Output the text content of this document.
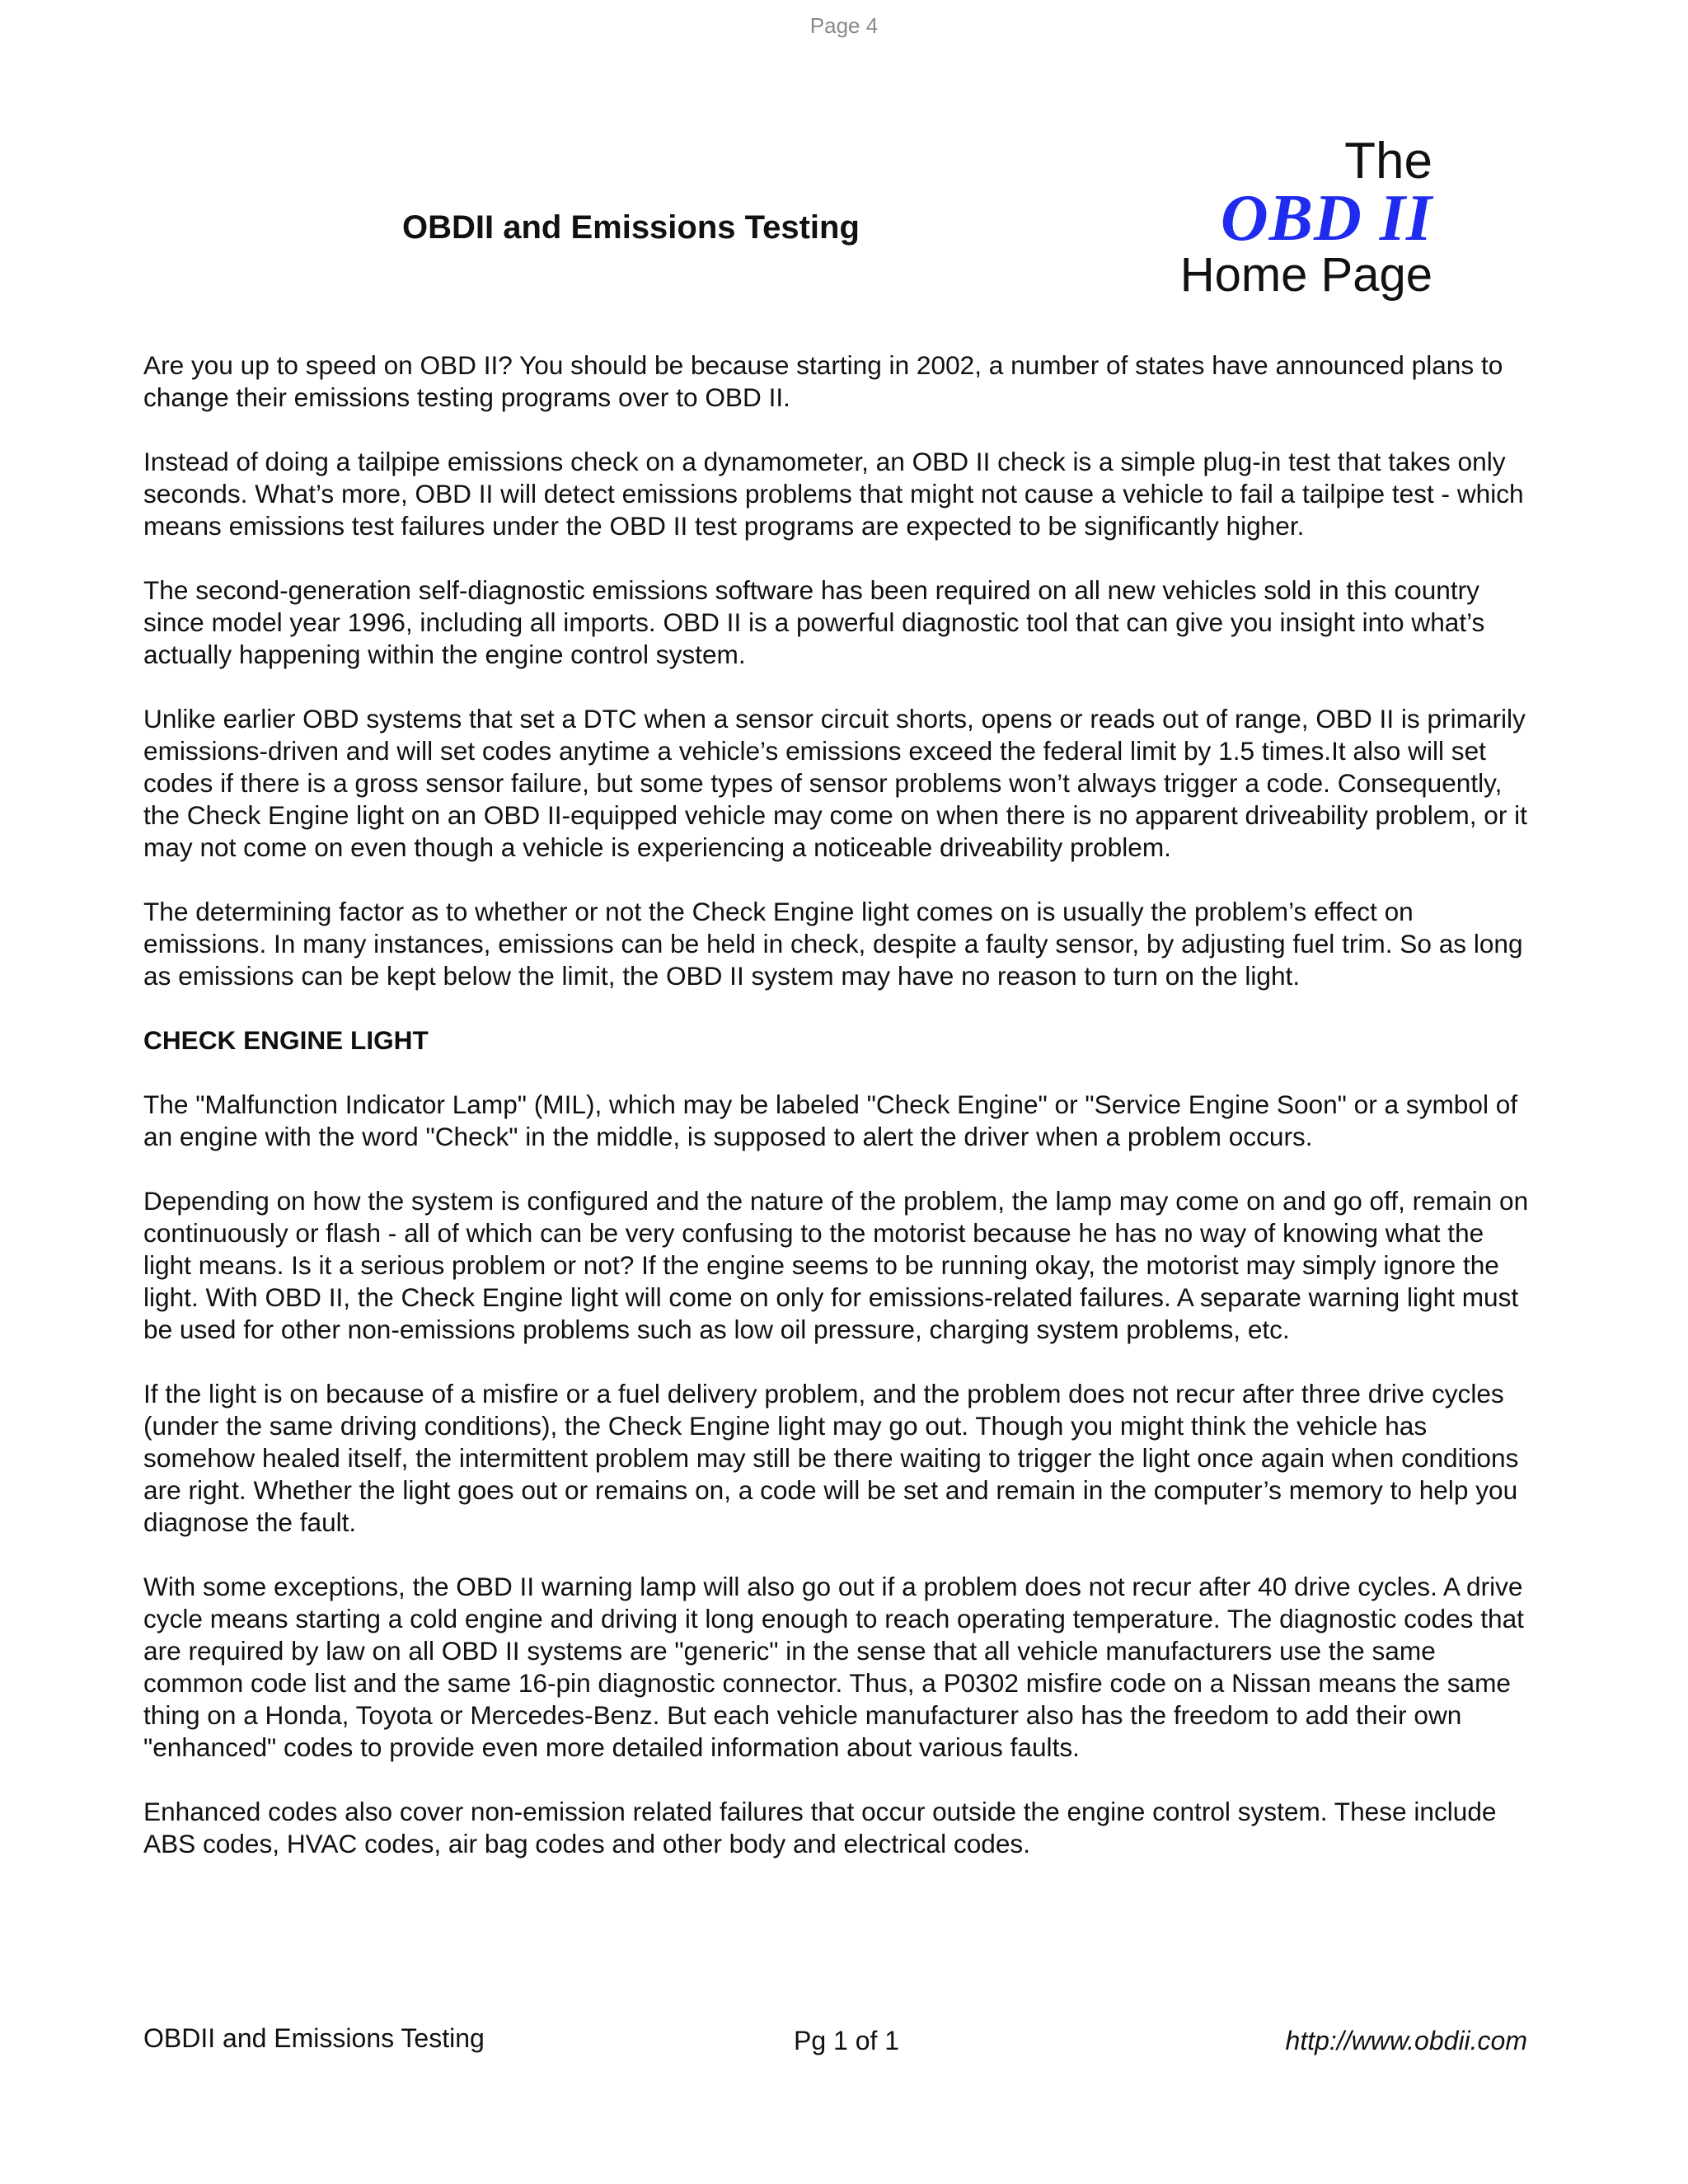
Page 4
OBDII and Emissions Testing
The
OBD II
Home Page

Are you up to speed on OBD II? You should be because starting in 2002, a number of states have announced plans to change their emissions testing programs over to OBD II.

Instead of doing a tailpipe emissions check on a dynamometer, an OBD II check is a simple plug-in test that takes only seconds. What’s more, OBD II will detect emissions problems that might not cause a vehicle to fail a tailpipe test - which means emissions test failures under the OBD II test programs are expected to be significantly higher.

The second-generation self-diagnostic emissions software has been required on all new vehicles sold in this country since model year 1996, including all imports. OBD II is a powerful diagnostic tool that can give you insight into what’s actually happening within the engine control system.

Unlike earlier OBD systems that set a DTC when a sensor circuit shorts, opens or reads out of range, OBD II is primarily emissions-driven and will set codes anytime a vehicle’s emissions exceed the federal limit by 1.5 times.It also will set codes if there is a gross sensor failure, but some types of sensor problems won’t always trigger a code. Consequently, the Check Engine light on an OBD II-equipped vehicle may come on when there is no apparent driveability problem, or it may not come on even though a vehicle is experiencing a noticeable driveability problem.

The determining factor as to whether or not the Check Engine light comes on is usually the problem’s effect on emissions. In many instances, emissions can be held in check, despite a faulty sensor, by adjusting fuel trim. So as long as emissions can be kept below the limit, the OBD II system may have no reason to turn on the light.

CHECK ENGINE LIGHT

The "Malfunction Indicator Lamp" (MIL), which may be labeled "Check Engine" or "Service Engine Soon" or a symbol of an engine with the word "Check" in the middle, is supposed to alert the driver when a problem occurs.

Depending on how the system is configured and the nature of the problem, the lamp may come on and go off, remain on continuously or flash - all of which can be very confusing to the motorist because he has no way of knowing what the light means. Is it a serious problem or not? If the engine seems to be running okay, the motorist may simply ignore the light. With OBD II, the Check Engine light will come on only for emissions-related failures. A separate warning light must be used for other non-emissions problems such as low oil pressure, charging system problems, etc.

If the light is on because of a misfire or a fuel delivery problem, and the problem does not recur after three drive cycles (under the same driving conditions), the Check Engine light may go out. Though you might think the vehicle has somehow healed itself, the intermittent problem may still be there waiting to trigger the light once again when conditions are right. Whether the light goes out or remains on, a code will be set and remain in the computer’s memory to help you diagnose the fault.

With some exceptions, the OBD II warning lamp will also go out if a problem does not recur after 40 drive cycles. A drive cycle means starting a cold engine and driving it long enough to reach operating temperature. The diagnostic codes that are required by law on all OBD II systems are "generic" in the sense that all vehicle manufacturers use the same common code list and the same 16-pin diagnostic connector. Thus, a P0302 misfire code on a Nissan means the same thing on a Honda, Toyota or Mercedes-Benz. But each vehicle manufacturer also has the freedom to add their own "enhanced" codes to provide even more detailed information about various faults.

Enhanced codes also cover non-emission related failures that occur outside the engine control system. These include ABS codes, HVAC codes, air bag codes and other body and electrical codes.

OBDII and Emissions Testing	Pg 1 of 1	http://www.obdii.com
